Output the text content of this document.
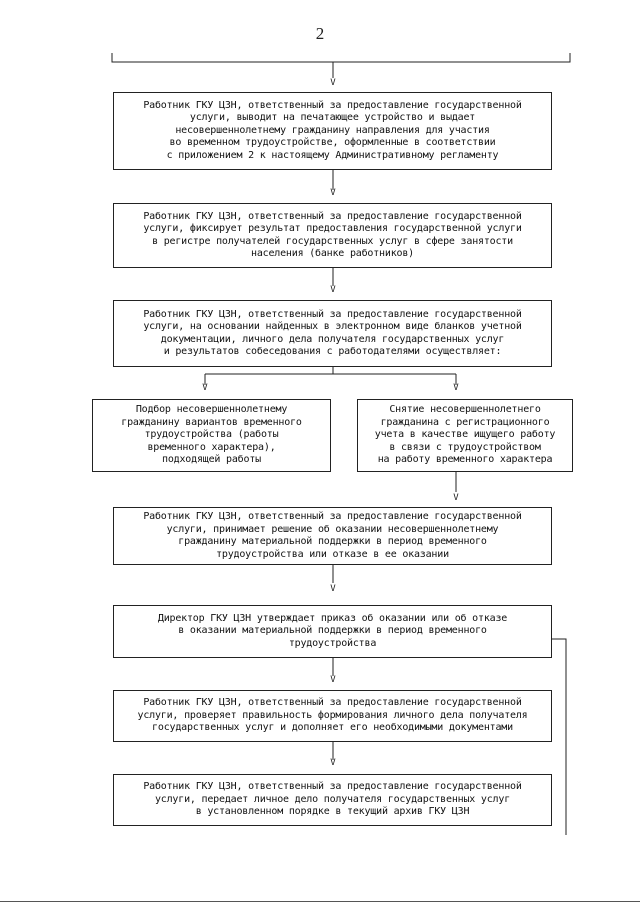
2
V
V
V
V	V
V
V
V
V
Работник ГКУ ЦЗН, ответственный за предоставление государственной
услуги, выводит на печатающее устройство и выдает
несовершеннолетнему гражданину направления для участия
во временном трудоустройстве, оформленные в соответствии
с приложением 2 к настоящему Административному регламенту
Работник ГКУ ЦЗН, ответственный за предоставление государственной
услуги, фиксирует результат предоставления государственной услуги
в регистре получателей государственных услуг в сфере занятости
населения (банке работников)
Работник ГКУ ЦЗН, ответственный за предоставление государственной
услуги, на основании найденных в электронном виде бланков учетной
документации, личного дела получателя государственных услуг
и результатов собеседования с работодателями осуществляет:
Подбор несовершеннолетнему
гражданину вариантов временного
трудоустройства (работы
временного характера),
подходящей работы
Снятие несовершеннолетнего
гражданина с регистрационного
учета в качестве ищущего работу
в связи с трудоустройством
на работу временного характера
Работник ГКУ ЦЗН, ответственный за предоставление государственной
услуги, принимает решение об оказании несовершеннолетнему
гражданину материальной поддержки в период временного
трудоустройства или отказе в ее оказании
Директор ГКУ ЦЗН утверждает приказ об оказании или об отказе
в оказании материальной поддержки в период временного
трудоустройства
Работник ГКУ ЦЗН, ответственный за предоставление государственной
услуги, проверяет правильность формирования личного дела получателя
государственных услуг и дополняет его необходимыми документами
Работник ГКУ ЦЗН, ответственный за предоставление государственной
услуги, передает личное дело получателя государственных услуг
в установленном порядке в текущий архив ГКУ ЦЗН
